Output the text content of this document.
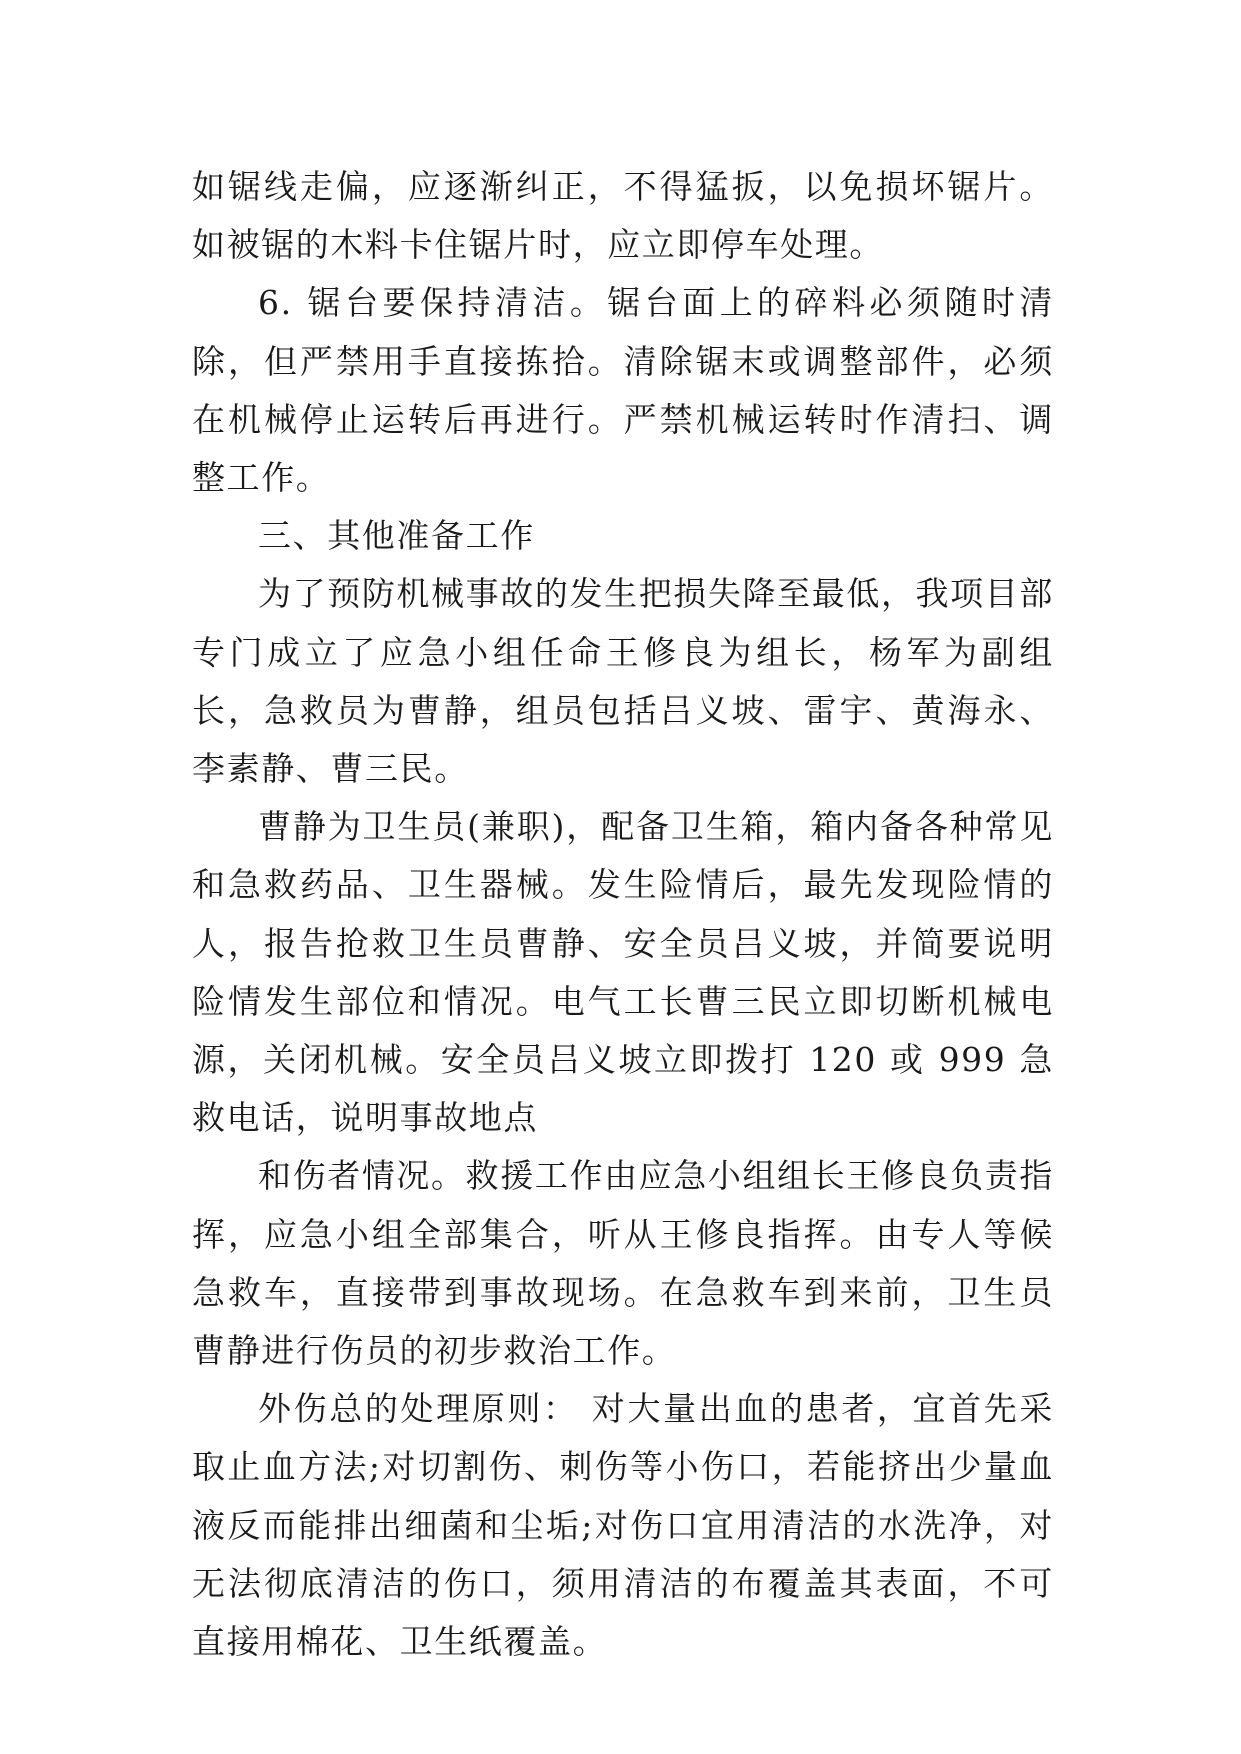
如锯线走偏，应逐渐纠正，不得猛扳，以免损坏锯片。如被锯的木料卡住锯片时，应立即停车处理。

6. 锯台要保持清洁。锯台面上的碎料必须随时清除，但严禁用手直接拣拾。清除锯末或调整部件，必须在机械停止运转后再进行。严禁机械运转时作清扫、调整工作。

三、其他准备工作

为了预防机械事故的发生把损失降至最低，我项目部专门成立了应急小组任命王修良为组长，杨军为副组长，急救员为曹静，组员包括吕义坡、雷宇、黄海永、李素静、曹三民。

曹静为卫生员(兼职)，配备卫生箱，箱内备各种常见和急救药品、卫生器械。发生险情后，最先发现险情的人，报告抢救卫生员曹静、安全员吕义坡，并简要说明险情发生部位和情况。电气工长曹三民立即切断机械电源，关闭机械。安全员吕义坡立即拨打 120 或 999 急救电话，说明事故地点

和伤者情况。救援工作由应急小组组长王修良负责指挥，应急小组全部集合，听从王修良指挥。由专人等候急救车，直接带到事故现场。在急救车到来前，卫生员曹静进行伤员的初步救治工作。

外伤总的处理原则： 对大量出血的患者，宜首先采取止血方法;对切割伤、刺伤等小伤口，若能挤出少量血液反而能排出细菌和尘垢;对伤口宜用清洁的水洗净，对无法彻底清洁的伤口，须用清洁的布覆盖其表面，不可直接用棉花、卫生纸覆盖。
